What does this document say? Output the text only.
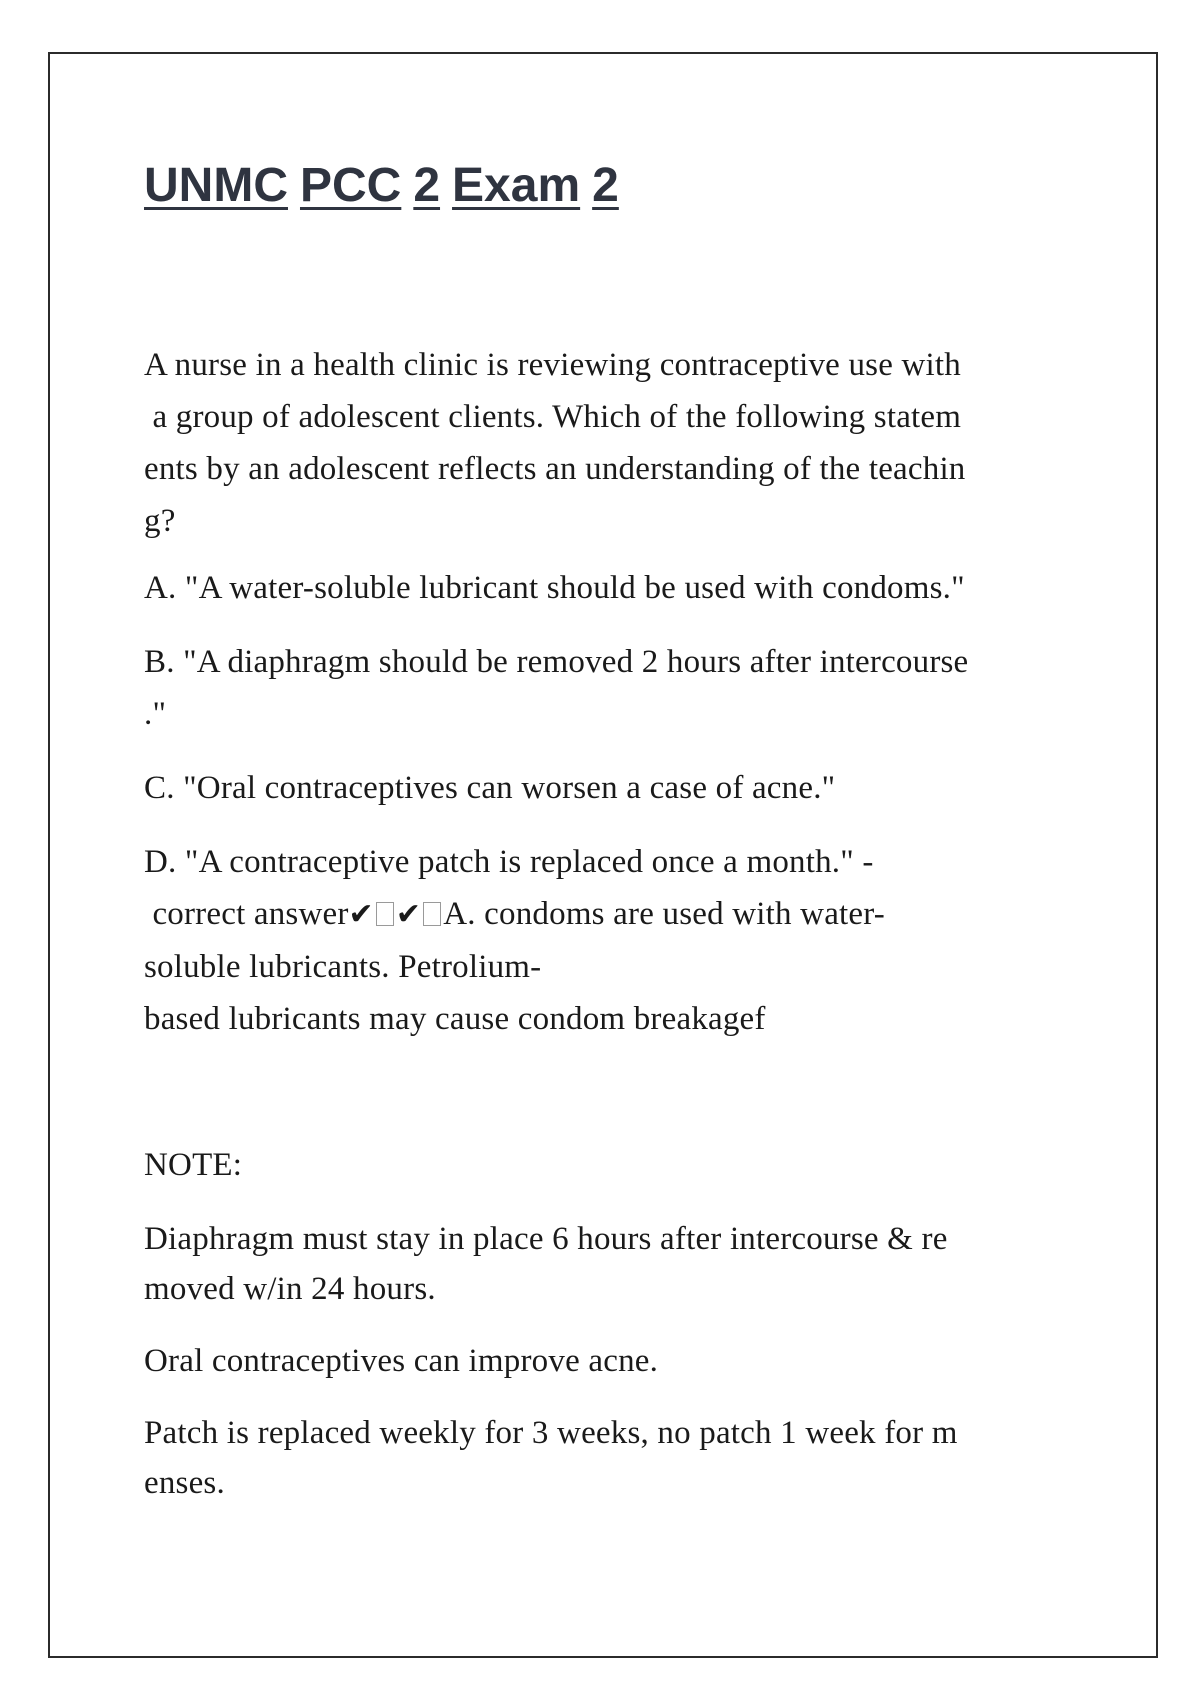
UNMC PCC 2 Exam 2

A nurse in a health clinic is reviewing contraceptive use with
a group of adolescent clients. Which of the following statem
ents by an adolescent reflects an understanding of the teachin
g?

A. "A water-soluble lubricant should be used with condoms."
B. "A diaphragm should be removed 2 hours after intercourse
."
C. "Oral contraceptives can worsen a case of acne."
D. "A contraceptive patch is replaced once a month." -
correct answer✔ ✔ A. condoms are used with water-
soluble lubricants. Petrolium-
based lubricants may cause condom breakagef

NOTE:

Diaphragm must stay in place 6 hours after intercourse & re
moved w/in 24 hours.
Oral contraceptives can improve acne.
Patch is replaced weekly for 3 weeks, no patch 1 week for m
enses.
